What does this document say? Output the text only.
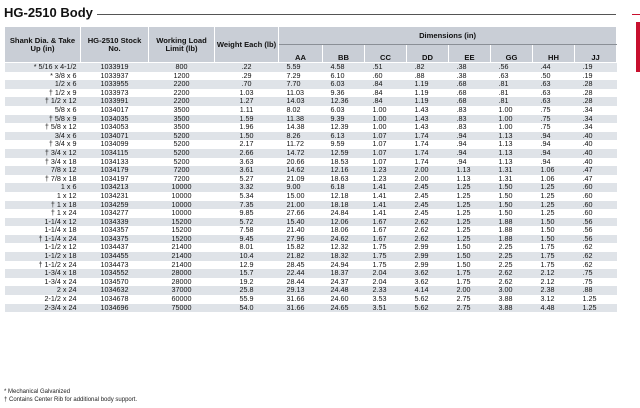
HG-2510 Body
Shank Dia. & Take Up (in)	HG-2510 Stock No.	Working Load Limit (lb)	Weight Each (lb)	Dimensions (in)							
				AA	BB	CC	DD	EE	GG	HH	JJ
* 5/16 x 4-1/2	1033919	800	.22	5.59	4.58	.51	.82	.38	.56	.44	.19
* 3/8 x 6	1033937	1200	.29	7.29	6.10	.60	.88	.38	.63	.50	.19
1/2 x 6	1033955	2200	.70	7.70	6.03	.84	1.19	.68	.81	.63	.28
† 1/2 x 9	1033973	2200	1.03	11.03	9.36	.84	1.19	.68	.81	.63	.28
† 1/2 x 12	1033991	2200	1.27	14.03	12.36	.84	1.19	.68	.81	.63	.28
5/8 x 6	1034017	3500	1.11	8.02	6.03	1.00	1.43	.83	1.00	.75	.34
† 5/8 x 9	1034035	3500	1.59	11.38	9.39	1.00	1.43	.83	1.00	.75	.34
† 5/8 x 12	1034053	3500	1.96	14.38	12.39	1.00	1.43	.83	1.00	.75	.34
3/4 x 6	1034071	5200	1.50	8.26	6.13	1.07	1.74	.94	1.13	.94	.40
† 3/4 x 9	1034099	5200	2.17	11.72	9.59	1.07	1.74	.94	1.13	.94	.40
† 3/4 x 12	1034115	5200	2.66	14.72	12.59	1.07	1.74	.94	1.13	.94	.40
† 3/4 x 18	1034133	5200	3.63	20.66	18.53	1.07	1.74	.94	1.13	.94	.40
7/8 x 12	1034179	7200	3.61	14.62	12.16	1.23	2.00	1.13	1.31	1.06	.47
† 7/8 x 18	1034197	7200	5.27	21.09	18.63	1.23	2.00	1.13	1.31	1.06	.47
1 x 6	1034213	10000	3.32	9.00	6.18	1.41	2.45	1.25	1.50	1.25	.60
1 x 12	1034231	10000	5.34	15.00	12.18	1.41	2.45	1.25	1.50	1.25	.60
† 1 x 18	1034259	10000	7.35	21.00	18.18	1.41	2.45	1.25	1.50	1.25	.60
† 1 x 24	1034277	10000	9.85	27.66	24.84	1.41	2.45	1.25	1.50	1.25	.60
1-1/4 x 12	1034339	15200	5.72	15.40	12.06	1.67	2.62	1.25	1.88	1.50	.56
1-1/4 x 18	1034357	15200	7.58	21.40	18.06	1.67	2.62	1.25	1.88	1.50	.56
† 1-1/4 x 24	1034375	15200	9.45	27.96	24.62	1.67	2.62	1.25	1.88	1.50	.56
1-1/2 x 12	1034437	21400	8.01	15.82	12.32	1.75	2.99	1.50	2.25	1.75	.62
1-1/2 x 18	1034455	21400	10.4	21.82	18.32	1.75	2.99	1.50	2.25	1.75	.62
† 1-1/2 x 24	1034473	21400	12.9	28.45	24.94	1.75	2.99	1.50	2.25	1.75	.62
1-3/4 x 18	1034552	28000	15.7	22.44	18.37	2.04	3.62	1.75	2.62	2.12	.75
1-3/4 x 24	1034570	28000	19.2	28.44	24.37	2.04	3.62	1.75	2.62	2.12	.75
2 x 24	1034632	37000	25.8	29.13	24.48	2.33	4.14	2.00	3.00	2.38	.88
2-1/2 x 24	1034678	60000	55.9	31.66	24.60	3.53	5.62	2.75	3.88	3.12	1.25
2-3/4 x 24	1034696	75000	54.0	31.66	24.65	3.51	5.62	2.75	3.88	4.48	1.25
* Mechanical Galvanized
† Contains Center Rib for additional body support.
